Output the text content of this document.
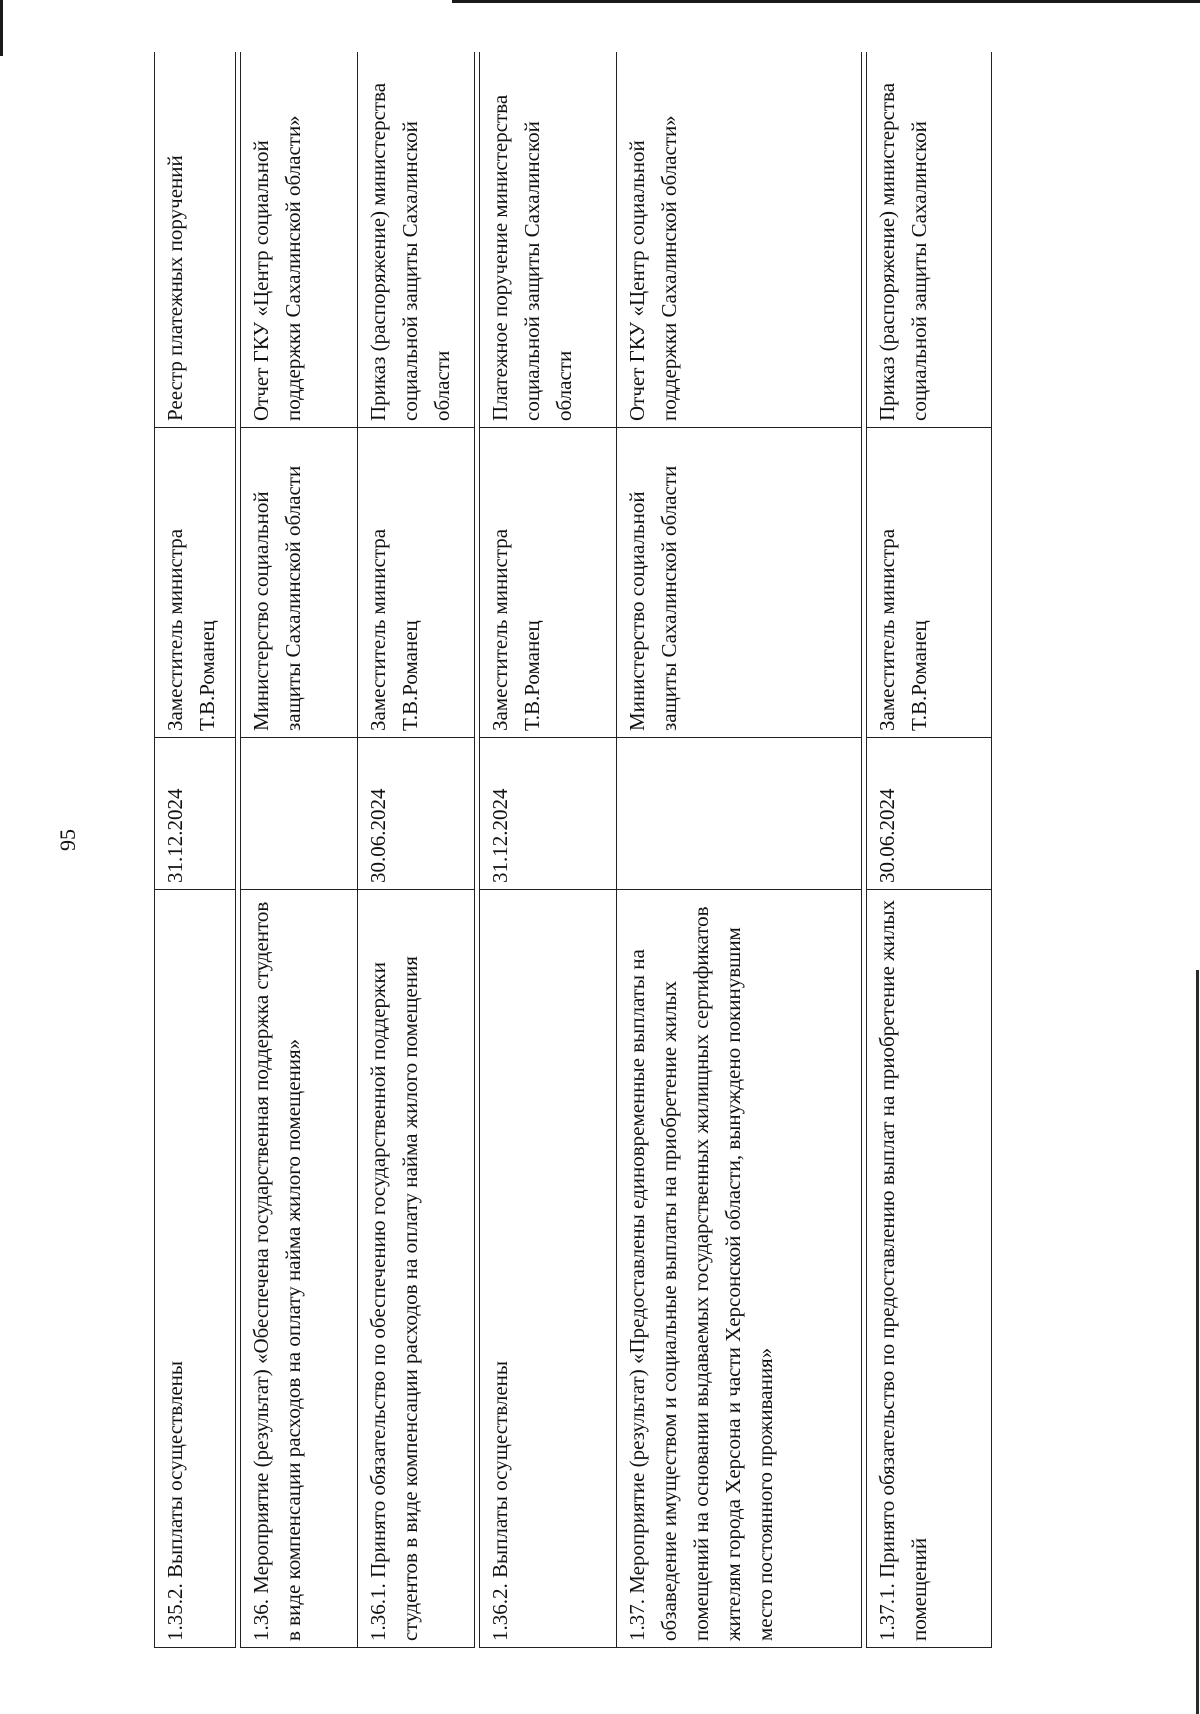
95
1.35.2. Выплаты осуществлены	31.12.2024	Заместитель министра Т.В.Романец	Реестр платежных поручений

1.36. Мероприятие (результат) «Обеспечена государственная поддержка студентов в виде компенсации расходов на оплату найма жилого помещения»		Министерство социальной защиты Сахалинской области	Отчет ГКУ «Центр социальной поддержки Сахалинской области»
1.36.1. Принято обязательство по обеспечению государственной поддержки студентов в виде компенсации расходов на оплату найма жилого помещения	30.06.2024	Заместитель министра Т.В.Романец	Приказ (распоряжение) министерства социальной защиты Сахалинской области

1.36.2. Выплаты осуществлены	31.12.2024	Заместитель министра Т.В.Романец	Платежное поручение министерства социальной защиты Сахалинской области
1.37. Мероприятие (результат) «Предоставлены единовременные выплаты на обзаведение имуществом и социальные выплаты на приобретение жилых помещений на основании выдаваемых государственных жилищных сертификатов жителям города Херсона и части Херсонской области, вынуждено покинувшим место постоянного проживания»		Министерство социальной защиты Сахалинской области	Отчет ГКУ «Центр социальной поддержки Сахалинской области»

1.37.1. Принято обязательство по предоставлению выплат на приобретение жилых помещений	30.06.2024	Заместитель министра Т.В.Романец	Приказ (распоряжение) министерства социальной защиты Сахалинской
